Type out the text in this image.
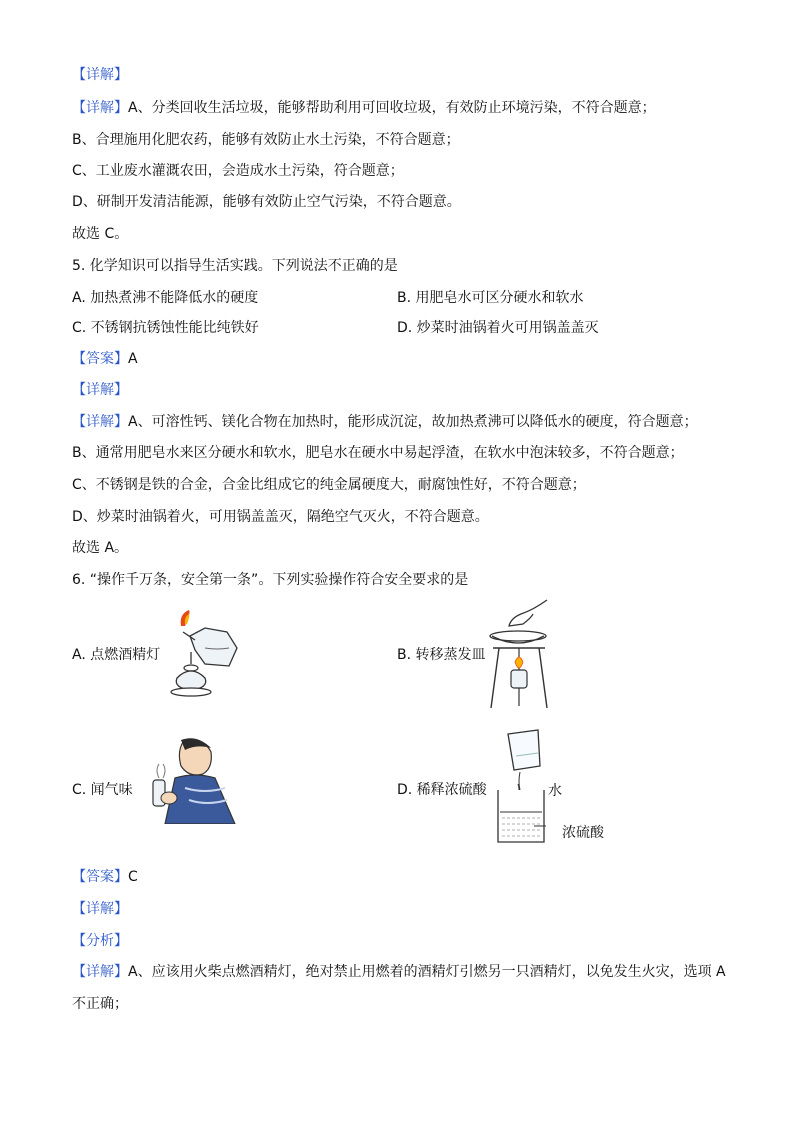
【详解】
【详解】A、分类回收生活垃圾，能够帮助利用可回收垃圾，有效防止环境污染，不符合题意；
B、合理施用化肥农药，能够有效防止水土污染，不符合题意；
C、工业废水灌溉农田，会造成水土污染，符合题意；
D、研制开发清洁能源，能够有效防止空气污染，不符合题意。
故选 C。
5. 化学知识可以指导生活实践。下列说法不正确的是
A. 加热煮沸不能降低水的硬度	B. 用肥皂水可区分硬水和软水
C. 不锈钢抗锈蚀性能比纯铁好	D. 炒菜时油锅着火可用锅盖盖灭
【答案】A
【详解】
【详解】A、可溶性钙、镁化合物在加热时，能形成沉淀，故加热煮沸可以降低水的硬度，符合题意；
B、通常用肥皂水来区分硬水和软水，肥皂水在硬水中易起浮渣，在软水中泡沫较多，不符合题意；
C、不锈钢是铁的合金，合金比组成它的纯金属硬度大，耐腐蚀性好，不符合题意；
D、炒菜时油锅着火，可用锅盖盖灭，隔绝空气灭火，不符合题意。
故选 A。
6. “操作千万条，安全第一条”。下列实验操作符合安全要求的是
A. 点燃酒精灯	B. 转移蒸发皿
C. 闻气味	D. 稀释浓硫酸	水
浓硫酸
【答案】C
【详解】
【分析】
【详解】A、应该用火柴点燃酒精灯，绝对禁止用燃着的酒精灯引燃另一只酒精灯，以免发生火灾，选项 A
不正确；
